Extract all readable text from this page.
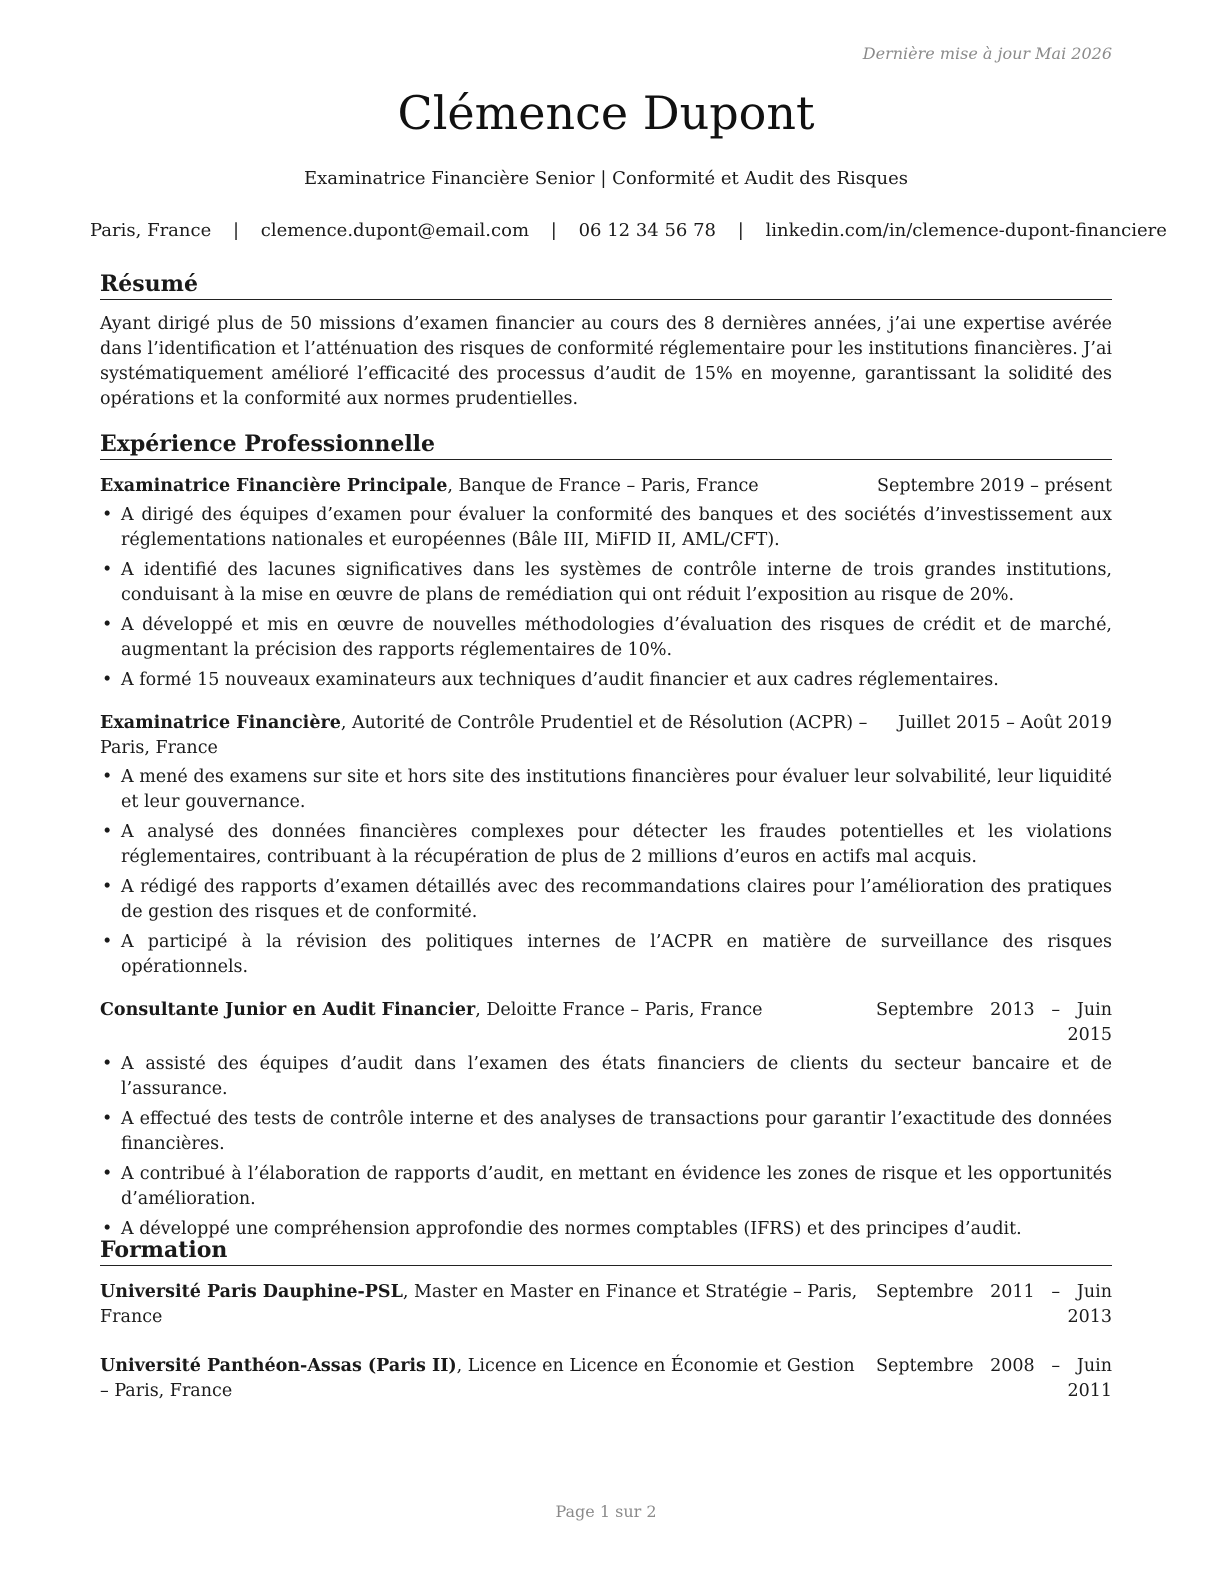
Dernière mise à jour Mai 2026
Clémence Dupont
Examinatrice Financière Senior | Conformité et Audit des Risques
Paris, France | clemence.dupont@email.com | 06 12 34 56 78 | linkedin.com/in/clemence-dupont-financiere
Résumé

Ayant dirigé plus de 50 missions d’examen financier au cours des 8 dernières années, j’ai une expertise avérée dans l’identification et l’atténuation des risques de conformité réglementaire pour les institutions financières. J’ai systématiquement amélioré l’efficacité des processus d’audit de 15% en moyenne, garantissant la solidité des opérations et la conformité aux normes prudentielles.

Expérience Professionnelle
Examinatrice Financière Principale, Banque de France – Paris, France	Septembre 2019 – présent
• A dirigé des équipes d’examen pour évaluer la conformité des banques et des sociétés d’investissement aux réglementations nationales et européennes (Bâle III, MiFID II, AML/CFT).
• A identifié des lacunes significatives dans les systèmes de contrôle interne de trois grandes institutions, conduisant à la mise en œuvre de plans de remédiation qui ont réduit l’exposition au risque de 20%.
• A développé et mis en œuvre de nouvelles méthodologies d’évaluation des risques de crédit et de marché, augmentant la précision des rapports réglementaires de 10%.
• A formé 15 nouveaux examinateurs aux techniques d’audit financier et aux cadres réglementaires.
Examinatrice Financière, Autorité de Contrôle Prudentiel et de Résolution (ACPR) – Paris, France
Juillet 2015 – Août 2019
• A mené des examens sur site et hors site des institutions financières pour évaluer leur solvabilité, leur liquidité et leur gouvernance.
• A analysé des données financières complexes pour détecter les fraudes potentielles et les violations réglementaires, contribuant à la récupération de plus de 2 millions d’euros en actifs mal acquis.
• A rédigé des rapports d’examen détaillés avec des recommandations claires pour l’amélioration des pratiques de gestion des risques et de conformité.
• A participé à la révision des politiques internes de l’ACPR en matière de surveillance des risques opérationnels.
Consultante Junior en Audit Financier, Deloitte France – Paris, France	Septembre 2013 – Juin 2015
• A assisté des équipes d’audit dans l’examen des états financiers de clients du secteur bancaire et de l’assurance.
• A effectué des tests de contrôle interne et des analyses de transactions pour garantir l’exactitude des données financières.
• A contribué à l’élaboration de rapports d’audit, en mettant en évidence les zones de risque et les opportunités d’amélioration.
• A développé une compréhension approfondie des normes comptables (IFRS) et des principes d’audit.
Formation
Université Paris Dauphine-PSL, Master en Master en Finance et Stratégie – Paris, France
Septembre 2011 – Juin 2013
Université Panthéon-Assas (Paris II), Licence en Licence en Économie et Gestion – Paris, France
Septembre 2008 – Juin 2011
Page 1 sur 2
